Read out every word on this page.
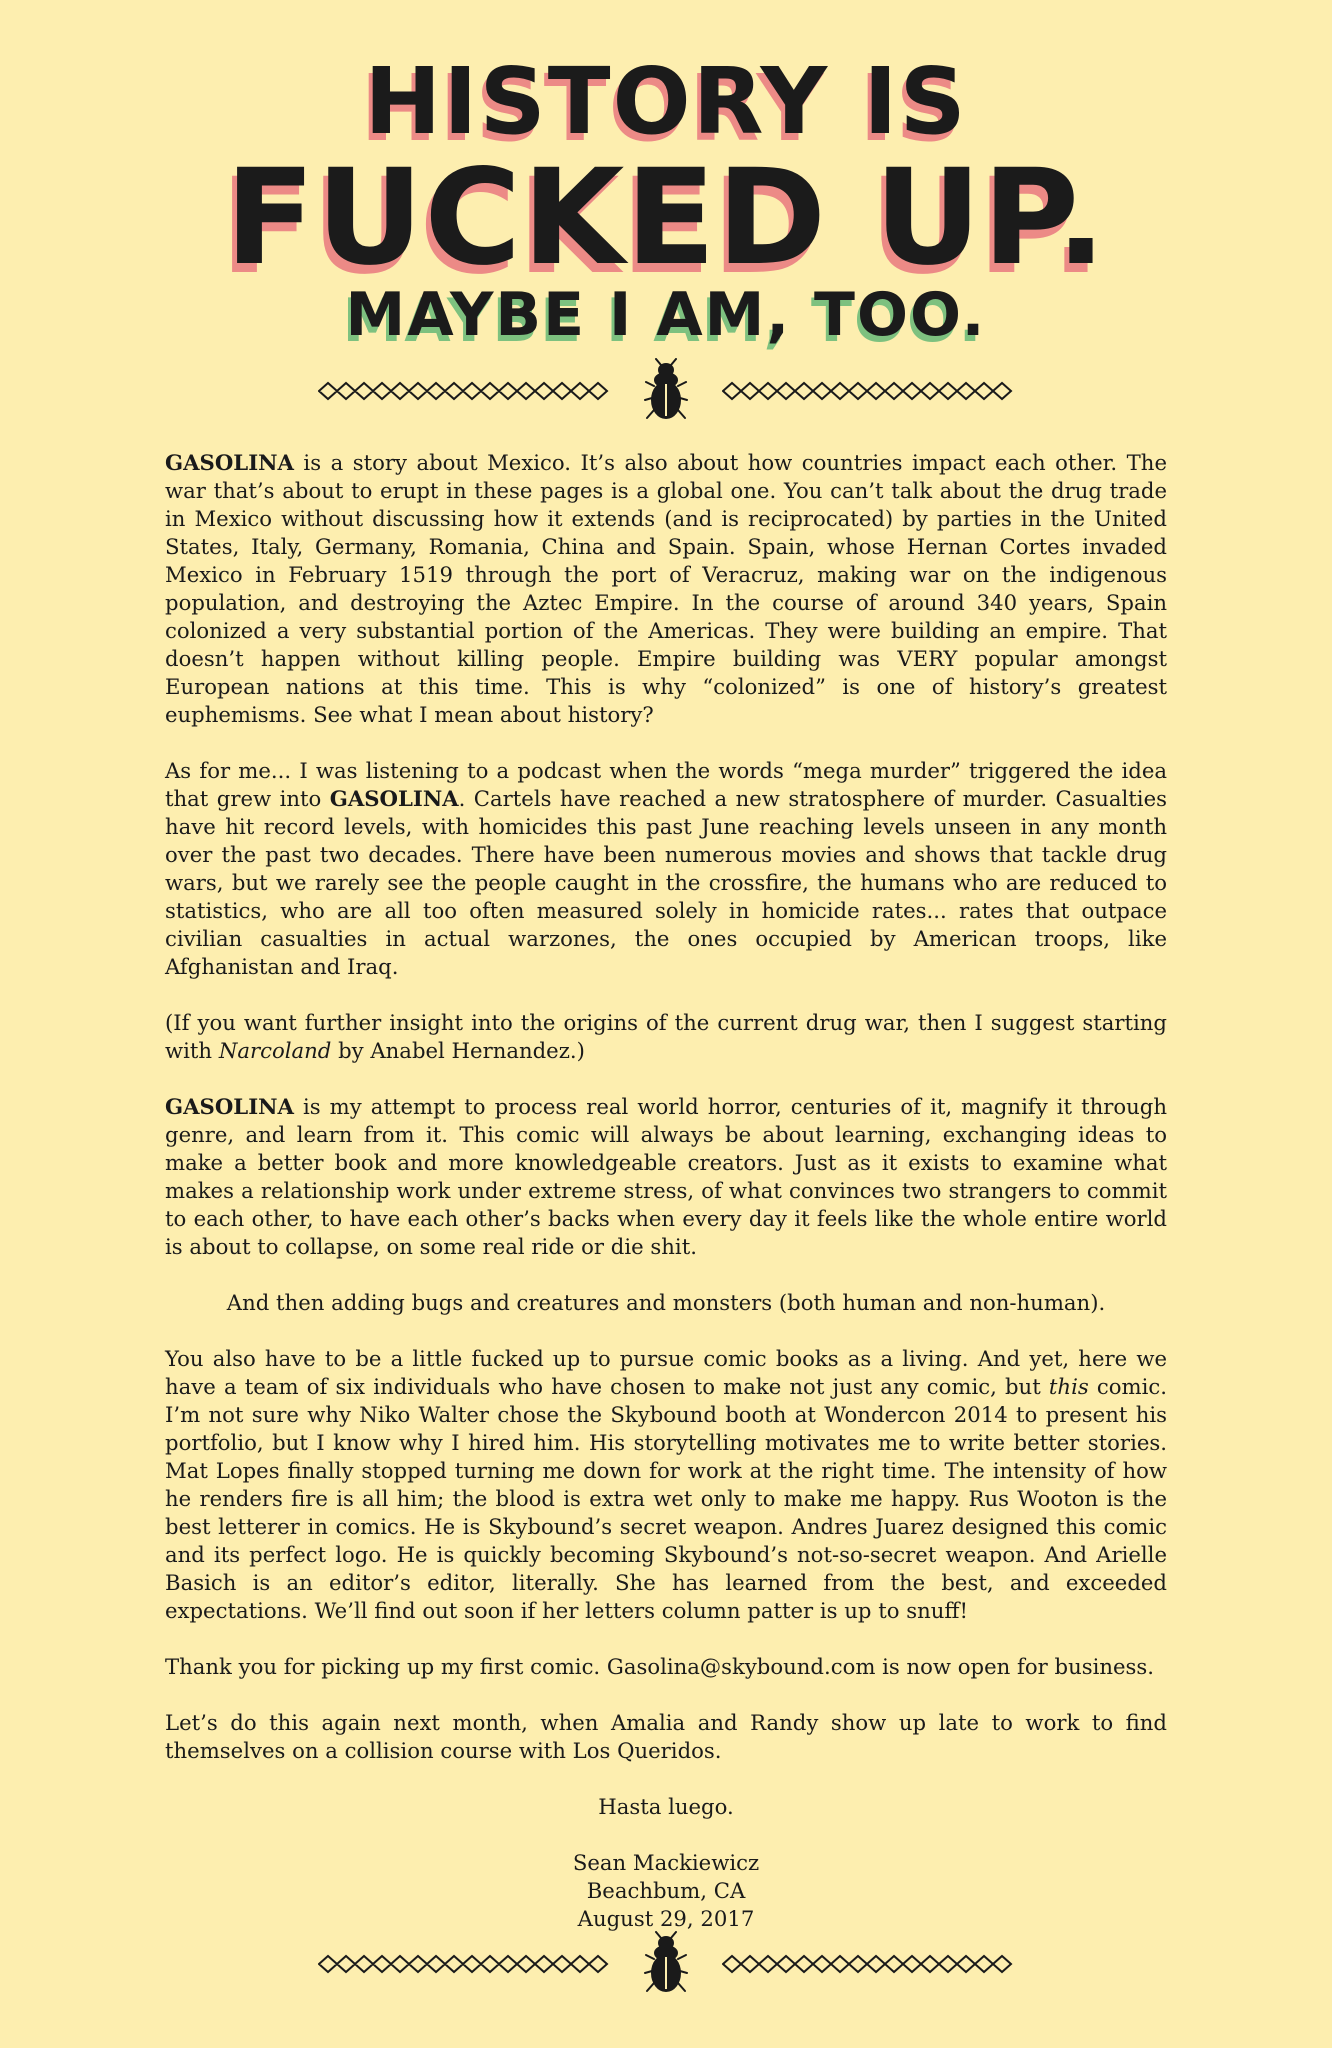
HISTORY IS
FUCKED UP.
MAYBE I AM, TOO.

GASOLINA is a story about Mexico. It’s also about how countries impact each other. The war that’s about to erupt in these pages is a global one. You can’t talk about the drug trade in Mexico without discussing how it extends (and is reciprocated) by parties in the United States, Italy, Germany, Romania, China and Spain. Spain, whose Hernan Cortes invaded Mexico in February 1519 through the port of Veracruz, making war on the indigenous population, and destroying the Aztec Empire. In the course of around 340 years, Spain colonized a very substantial portion of the Americas. They were building an empire. That doesn’t happen without killing people. Empire building was VERY popular amongst European nations at this time. This is why “colonized” is one of history’s greatest euphemisms. See what I mean about history?

As for me... I was listening to a podcast when the words “mega murder” triggered the idea that grew into GASOLINA. Cartels have reached a new stratosphere of murder. Casualties have hit record levels, with homicides this past June reaching levels unseen in any month over the past two decades. There have been numerous movies and shows that tackle drug wars, but we rarely see the people caught in the crossfire, the humans who are reduced to statistics, who are all too often measured solely in homicide rates... rates that outpace civilian casualties in actual warzones, the ones occupied by American troops, like Afghanistan and Iraq.

(If you want further insight into the origins of the current drug war, then I suggest starting with Narcoland by Anabel Hernandez.)

GASOLINA is my attempt to process real world horror, centuries of it, magnify it through genre, and learn from it. This comic will always be about learning, exchanging ideas to make a better book and more knowledgeable creators. Just as it exists to examine what makes a relationship work under extreme stress, of what convinces two strangers to commit to each other, to have each other’s backs when every day it feels like the whole entire world is about to collapse, on some real ride or die shit.

And then adding bugs and creatures and monsters (both human and non-human).

You also have to be a little fucked up to pursue comic books as a living. And yet, here we have a team of six individuals who have chosen to make not just any comic, but this comic. I’m not sure why Niko Walter chose the Skybound booth at Wondercon 2014 to present his portfolio, but I know why I hired him. His storytelling motivates me to write better stories. Mat Lopes finally stopped turning me down for work at the right time. The intensity of how he renders fire is all him; the blood is extra wet only to make me happy. Rus Wooton is the best letterer in comics. He is Skybound’s secret weapon. Andres Juarez designed this comic and its perfect logo. He is quickly becoming Skybound’s not-so-secret weapon. And Arielle Basich is an editor’s editor, literally. She has learned from the best, and exceeded expectations. We’ll find out soon if her letters column patter is up to snuff!

Thank you for picking up my first comic. Gasolina@skybound.com is now open for business.

Let’s do this again next month, when Amalia and Randy show up late to work to find themselves on a collision course with Los Queridos.

Hasta luego.

Sean Mackiewicz

Beachbum, CA

August 29, 2017
